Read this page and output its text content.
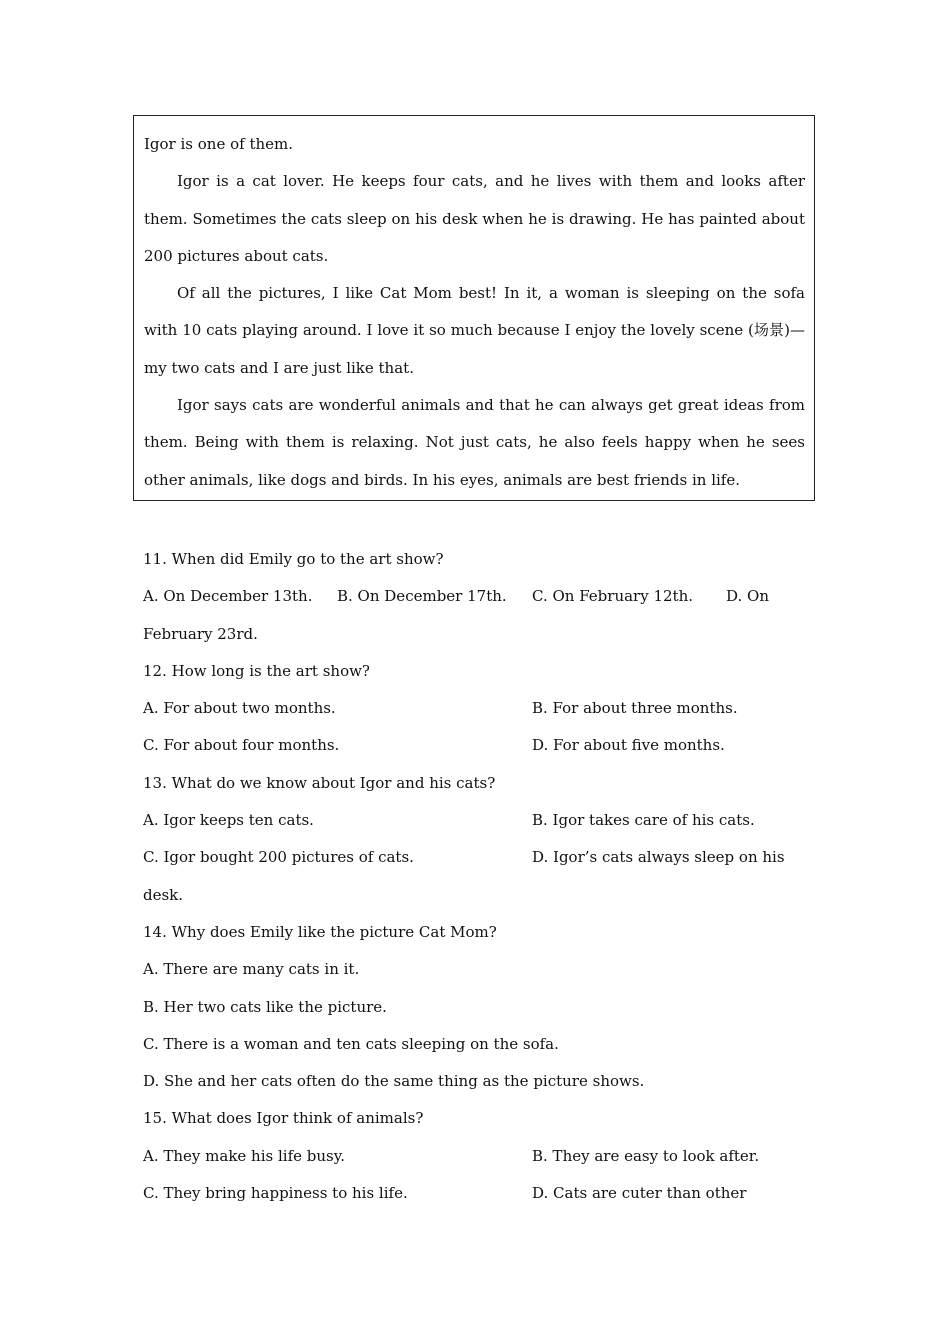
Igor is one of them.

Igor is a cat lover. He keeps four cats, and he lives with them and looks after them. Sometimes the cats sleep on his desk when he is drawing. He has painted about 200 pictures about cats.

Of all the pictures, I like Cat Mom best! In it, a woman is sleeping on the sofa with 10 cats playing around. I love it so much because I enjoy the lovely scene (场景)—my two cats and I are just like that.

Igor says cats are wonderful animals and that he can always get great ideas from them. Being with them is relaxing. Not just cats, he also feels happy when he sees other animals, like dogs and birds. In his eyes, animals are best friends in life.

11. When did Emily go to the art show?
A. On December 13th. B. On December 17th. C. On February 12th. D. On
February 23rd.
12. How long is the art show?
A. For about two months.	B. For about three months.
C. For about four months.	D. For about five months.
13. What do we know about Igor and his cats?
A. Igor keeps ten cats.	B. Igor takes care of his cats.
C. Igor bought 200 pictures of cats.	D. Igor’s cats always sleep on his
desk.
14. Why does Emily like the picture Cat Mom?
A. There are many cats in it.
B. Her two cats like the picture.
C. There is a woman and ten cats sleeping on the sofa.
D. She and her cats often do the same thing as the picture shows.
15. What does Igor think of animals?
A. They make his life busy.	B. They are easy to look after.
C. They bring happiness to his life.	D. Cats are cuter than other
